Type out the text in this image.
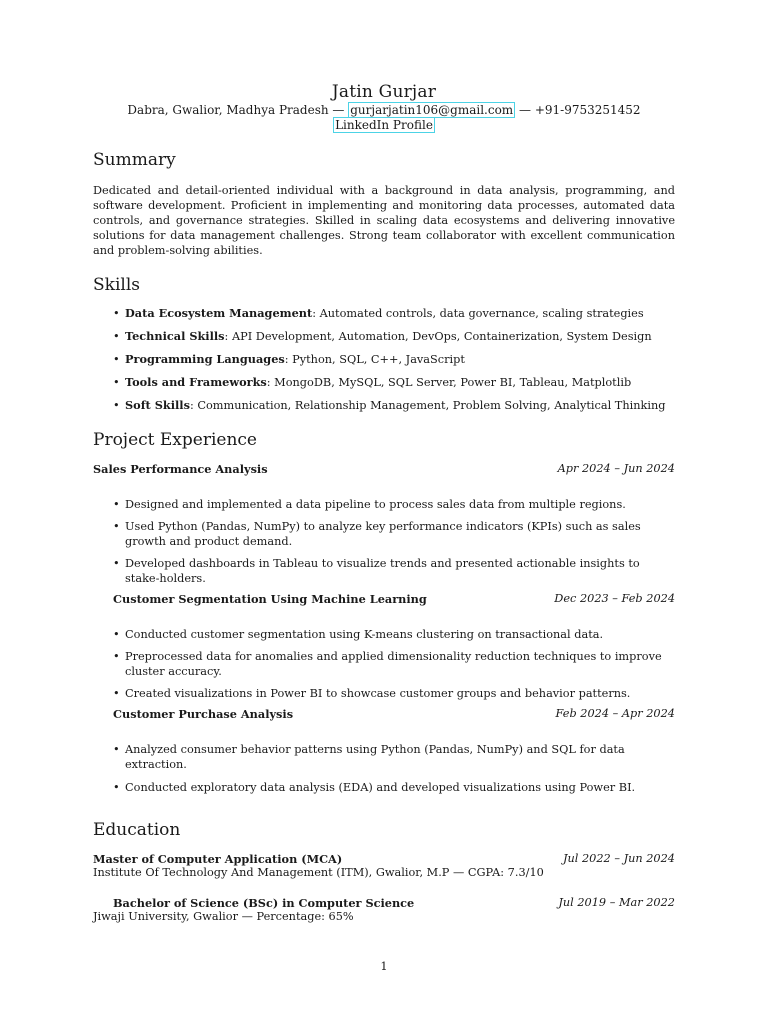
Jatin Gurjar
Dabra, Gwalior, Madhya Pradesh — gurjarjatin106@gmail.com — +91-9753251452
LinkedIn Profile
Summary
Dedicated and detail-oriented individual with a background in data analysis, programming, and software development. Proficient in implementing and monitoring data processes, automated data controls, and governance strategies. Skilled in scaling data ecosystems and delivering innovative solutions for data management challenges. Strong team collaborator with excellent communication and problem-solving abilities.
Skills
• Data Ecosystem Management: Automated controls, data governance, scaling strategies
• Technical Skills: API Development, Automation, DevOps, Containerization, System Design
• Programming Languages: Python, SQL, C++, JavaScript
• Tools and Frameworks: MongoDB, MySQL, SQL Server, Power BI, Tableau, Matplotlib
• Soft Skills: Communication, Relationship Management, Problem Solving, Analytical Thinking
Project Experience
Sales Performance Analysis	Apr 2024 – Jun 2024
• Designed and implemented a data pipeline to process sales data from multiple regions.
• Used Python (Pandas, NumPy) to analyze key performance indicators (KPIs) such as sales growth and product demand.
• Developed dashboards in Tableau to visualize trends and presented actionable insights to stake-holders.
Customer Segmentation Using Machine Learning	Dec 2023 – Feb 2024
• Conducted customer segmentation using K-means clustering on transactional data.
• Preprocessed data for anomalies and applied dimensionality reduction techniques to improve cluster accuracy.
• Created visualizations in Power BI to showcase customer groups and behavior patterns.
Customer Purchase Analysis	Feb 2024 – Apr 2024
• Analyzed consumer behavior patterns using Python (Pandas, NumPy) and SQL for data extraction.
• Conducted exploratory data analysis (EDA) and developed visualizations using Power BI.
Education
Master of Computer Application (MCA)	Jul 2022 – Jun 2024
Institute Of Technology And Management (ITM), Gwalior, M.P — CGPA: 7.3/10
Bachelor of Science (BSc) in Computer Science	Jul 2019 – Mar 2022
Jiwaji University, Gwalior — Percentage: 65%
1
